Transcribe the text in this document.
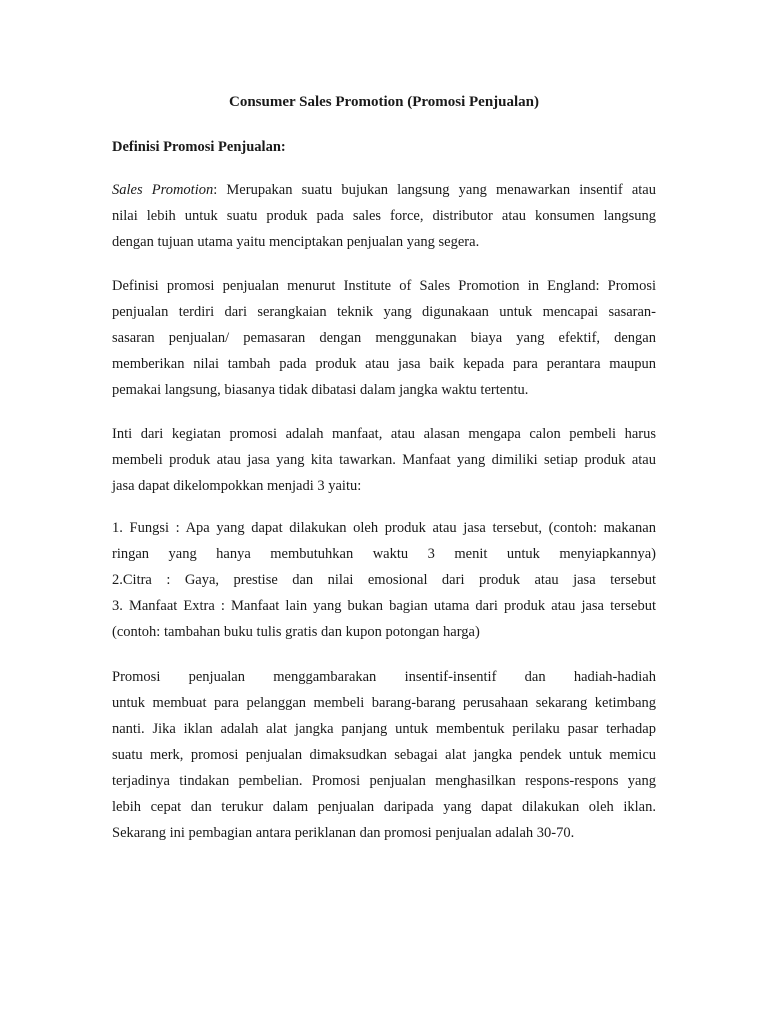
Consumer Sales Promotion (Promosi Penjualan)
Definisi Promosi Penjualan:
Sales Promotion: Merupakan suatu bujukan langsung yang menawarkan insentif atau
nilai lebih untuk suatu produk pada sales force, distributor atau konsumen langsung
dengan tujuan utama yaitu menciptakan penjualan yang segera.
Definisi promosi penjualan menurut Institute of Sales Promotion in England: Promosi
penjualan terdiri dari serangkaian teknik yang digunakaan untuk mencapai sasaran-
sasaran penjualan/ pemasaran dengan menggunakan biaya yang efektif, dengan
memberikan nilai tambah pada produk atau jasa baik kepada para perantara maupun
pemakai langsung, biasanya tidak dibatasi dalam jangka waktu tertentu.
Inti dari kegiatan promosi adalah manfaat, atau alasan mengapa calon pembeli harus
membeli produk atau jasa yang kita tawarkan. Manfaat yang dimiliki setiap produk atau
jasa dapat dikelompokkan menjadi 3 yaitu:
1. Fungsi : Apa yang dapat dilakukan oleh produk atau jasa tersebut, (contoh: makanan
ringan yang hanya membutuhkan waktu 3 menit untuk menyiapkannya)
2.Citra : Gaya, prestise dan nilai emosional dari produk atau jasa tersebut
3. Manfaat Extra : Manfaat lain yang bukan bagian utama dari produk atau jasa tersebut
(contoh: tambahan buku tulis gratis dan kupon potongan harga)
Promosi penjualan menggambarakan insentif-insentif dan hadiah-hadiah
untuk membuat para pelanggan membeli barang-barang perusahaan sekarang ketimbang
nanti. Jika iklan adalah alat jangka panjang untuk membentuk perilaku pasar terhadap
suatu merk, promosi penjualan dimaksudkan sebagai alat jangka pendek untuk memicu
terjadinya tindakan pembelian. Promosi penjualan menghasilkan respons-respons yang
lebih cepat dan terukur dalam penjualan daripada yang dapat dilakukan oleh iklan.
Sekarang ini pembagian antara periklanan dan promosi penjualan adalah 30-70.
